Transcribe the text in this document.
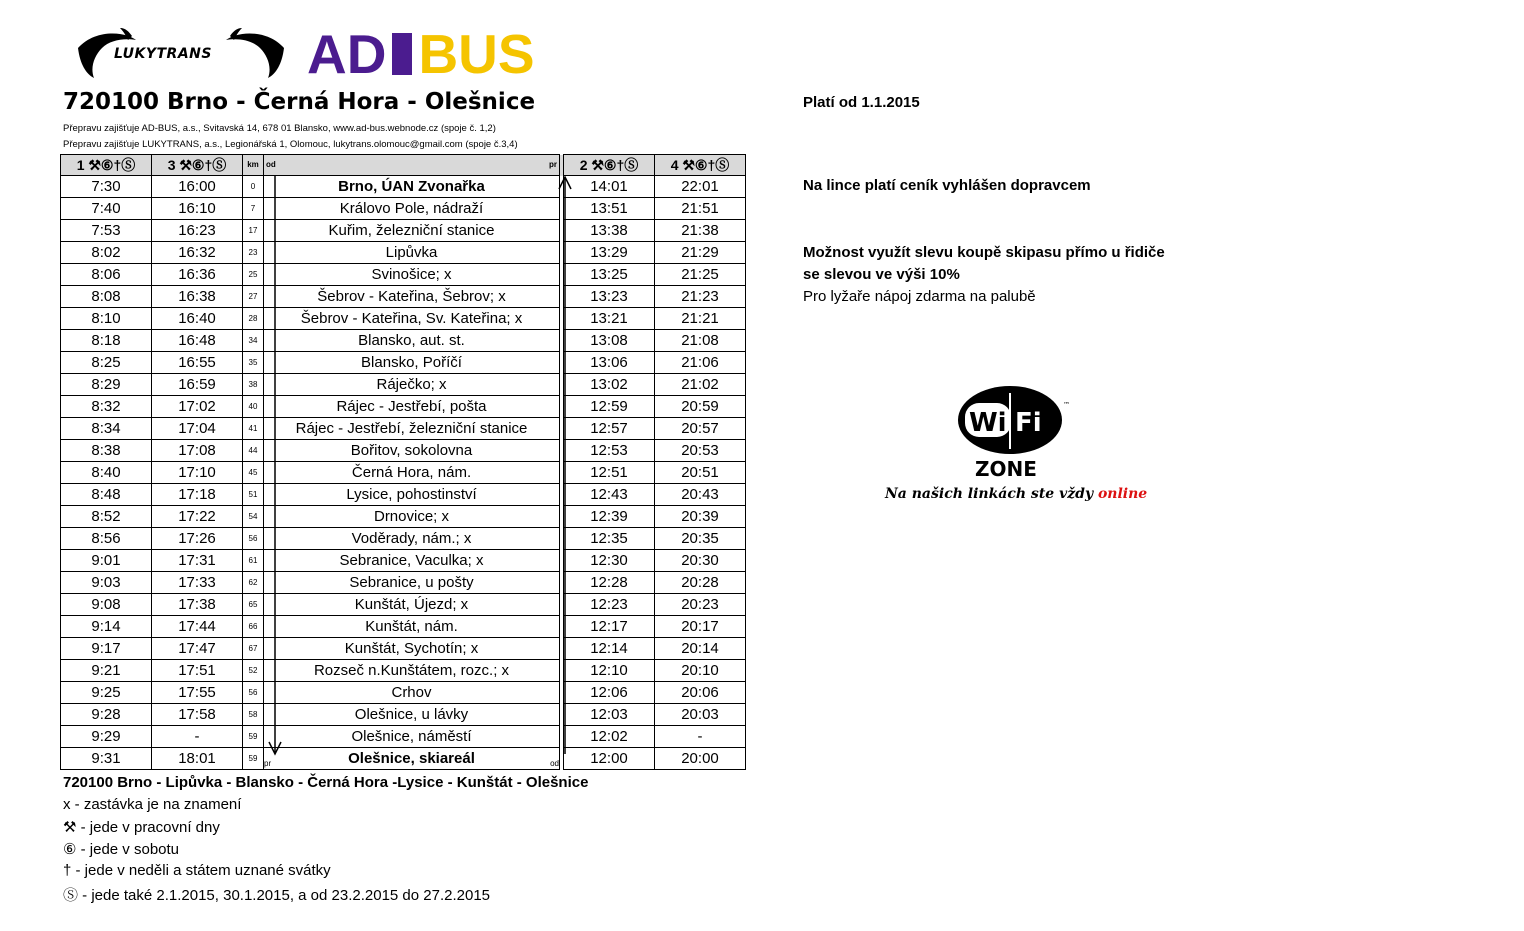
LUKYTRANS AD BUS
720100 Brno - Černá Hora - Olešnice
Přepravu zajišťuje AD-BUS, a.s., Svitavská 14, 678 01 Blansko, www.ad-bus.webnode.cz (spoje č. 1,2)
Přepravu zajišťuje LUKYTRANS, a.s., Legionářská 1, Olomouc, lukytrans.olomouc@gmail.com (spoje č.3,4)
Platí od 1.1.2015
1 ⚒⑥†Ⓢ	3 ⚒⑥†Ⓢ	km	od		pr		2 ⚒⑥†Ⓢ	4 ⚒⑥†Ⓢ
7:30	16:00	0		Brno, ÚAN Zvonařka			14:01	22:01
7:40	16:10	7		Královo Pole, nádraží			13:51	21:51
7:53	16:23	17		Kuřim, železniční stanice			13:38	21:38
8:02	16:32	23		Lipůvka			13:29	21:29
8:06	16:36	25		Svinošice; x			13:25	21:25
8:08	16:38	27		Šebrov - Kateřina, Šebrov; x			13:23	21:23
8:10	16:40	28		Šebrov - Kateřina, Sv. Kateřina; x			13:21	21:21
8:18	16:48	34		Blansko, aut. st.			13:08	21:08
8:25	16:55	35		Blansko, Poříčí			13:06	21:06
8:29	16:59	38		Ráječko; x			13:02	21:02
8:32	17:02	40		Rájec - Jestřebí, pošta			12:59	20:59
8:34	17:04	41		Rájec - Jestřebí, železniční stanice			12:57	20:57
8:38	17:08	44		Bořitov, sokolovna			12:53	20:53
8:40	17:10	45		Černá Hora, nám.			12:51	20:51
8:48	17:18	51		Lysice, pohostinství			12:43	20:43
8:52	17:22	54		Drnovice; x			12:39	20:39
8:56	17:26	56		Voděrady, nám.; x			12:35	20:35
9:01	17:31	61		Sebranice, Vaculka; x			12:30	20:30
9:03	17:33	62		Sebranice, u pošty			12:28	20:28
9:08	17:38	65		Kunštát, Újezd; x			12:23	20:23
9:14	17:44	66		Kunštát, nám.			12:17	20:17
9:17	17:47	67		Kunštát, Sychotín; x			12:14	20:14
9:21	17:51	52		Rozseč n.Kunštátem, rozc.; x			12:10	20:10
9:25	17:55	56		Crhov			12:06	20:06
9:28	17:58	58		Olešnice, u lávky			12:03	20:03
9:29	-	59		Olešnice, náměstí			12:02	-
9:31	18:01	59	pr	Olešnice, skiareál	od		12:00	20:00
720100 Brno - Lipůvka - Blansko - Černá Hora -Lysice - Kunštát - Olešnice
x - zastávka je na znamení
⚒ - jede v pracovní dny
⑥ - jede v sobotu
† - jede v neděli a státem uznané svátky
Ⓢ - jede také 2.1.2015, 30.1.2015, a od 23.2.2015 do 27.2.2015
Na lince platí ceník vyhlášen dopravcem
Možnost využít slevu koupě skipasu přímo u řidiče
se slevou ve výši 10%
Pro lyžaře nápoj zdarma na palubě
Wi Fi
™
ZONE
Na našich linkách ste vždy online
